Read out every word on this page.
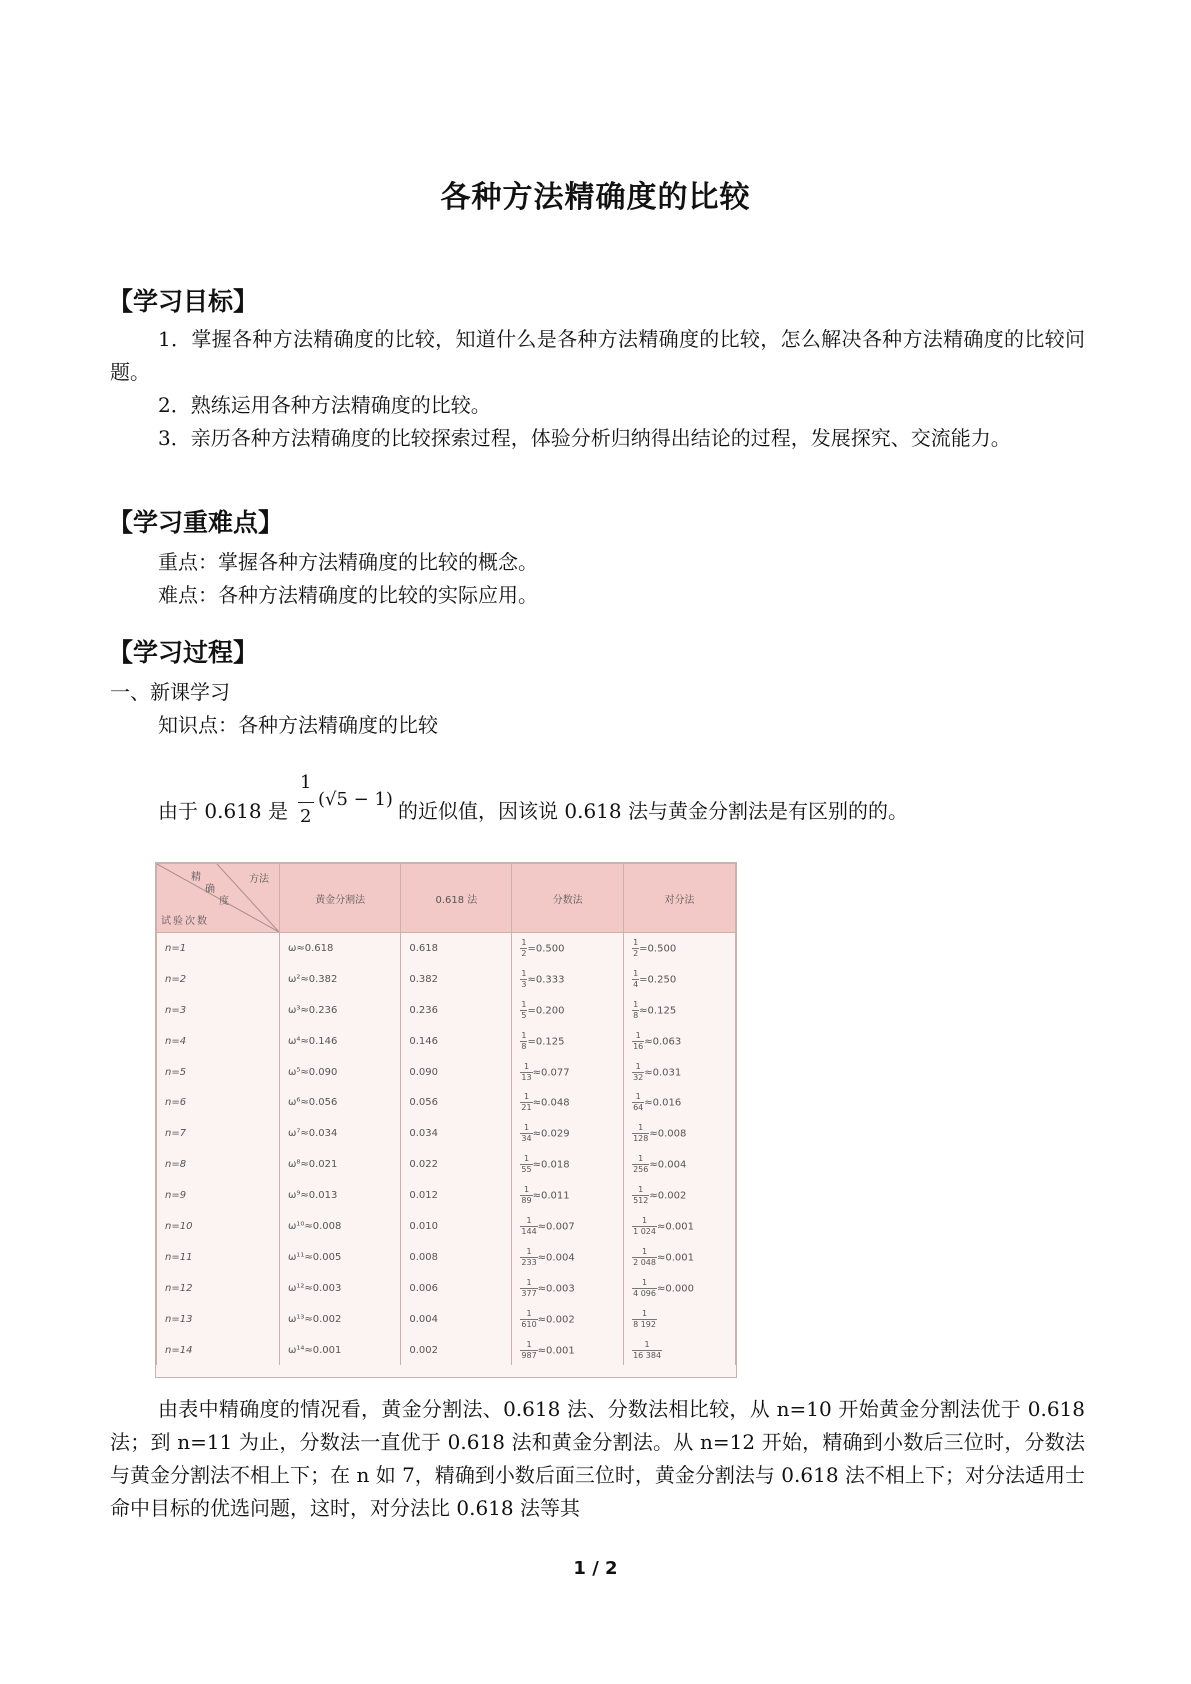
各种方法精确度的比较
【学习目标】
1．掌握各种方法精确度的比较，知道什么是各种方法精确度的比较，怎么解决各种方法精确度的比较问题。
2．熟练运用各种方法精确度的比较。
3．亲历各种方法精确度的比较探索过程，体验分析归纳得出结论的过程，发展探究、交流能力。
【学习重难点】
重点：掌握各种方法精确度的比较的概念。
难点：各种方法精确度的比较的实际应用。
【学习过程】
一、新课学习
知识点：各种方法精确度的比较
由于 0.618 是
1
2
(√5 − 1) 的近似值，因该说 0.618 法与黄金分割法是有区别的的。
方法
精
确
度
试验次数	黄金分割法	0.618 法	分数法	对分法
n=1	ω≈0.618	0.618	$\frac{1}{2} =0.500$	$\frac{1}{2} =0.500$
n=2	ω²≈0.382	0.382	$\frac{1}{3} \approx 0.333$	$\frac{1}{4} =0.250$
n=3	ω³≈0.236	0.236	$\frac{1}{5} =0.200$	$\frac{1}{8} \approx 0.125$
n=4	ω⁴≈0.146	0.146	$\frac{1}{8} =0.125$	$\frac{1}{16} \approx 0.063$
n=5	ω⁵≈0.090	0.090	$\frac{1}{13} \approx 0.077$	$\frac{1}{32} \approx 0.031$
n=6	ω⁶≈0.056	0.056	$\frac{1}{21} \approx 0.048$	$\frac{1}{64} \approx 0.016$
n=7	ω⁷≈0.034	0.034	$\frac{1}{34} \approx 0.029$	$\frac{1}{128} \approx 0.008$
n=8	ω⁸≈0.021	0.022	$\frac{1}{55} \approx 0.018$	$\frac{1}{256} \approx 0.004$
n=9	ω⁹≈0.013	0.012	$\frac{1}{89} \approx 0.011$	$\frac{1}{512} \approx 0.002$
n=10	ω¹⁰≈0.008	0.010	$\frac{1}{144} \approx 0.007$	$\frac{1}{1 024} \approx 0.001$
n=11	ω¹¹≈0.005	0.008	$\frac{1}{233} \approx 0.004$	$\frac{1}{2 048} \approx 0.001$
n=12	ω¹²≈0.003	0.006	$\frac{1}{377} \approx 0.003$	$\frac{1}{4 096} \approx 0.000$
n=13	ω¹³≈0.002	0.004	$\frac{1}{610} \approx 0.002$	$\frac{1}{8 192}$

n=14	ω¹⁴≈0.001	0.002	$\frac{1}{987} \approx 0.001$	$\frac{1}{16 384}$
由表中精确度的情况看，黄金分割法、0.618 法、分数法相比较，从 n=10 开始黄金分割法优于 0.618 法；到 n=11 为止，分数法一直优于 0.618 法和黄金分割法。从 n=12 开始，精确到小数后三位时，分数法与黄金分割法不相上下；在 n 如 7，精确到小数后面三位时，黄金分割法与 0.618 法不相上下；对分法适用士命中目标的优选问题，这时，对分法比 0.618 法等其
1 / 2
